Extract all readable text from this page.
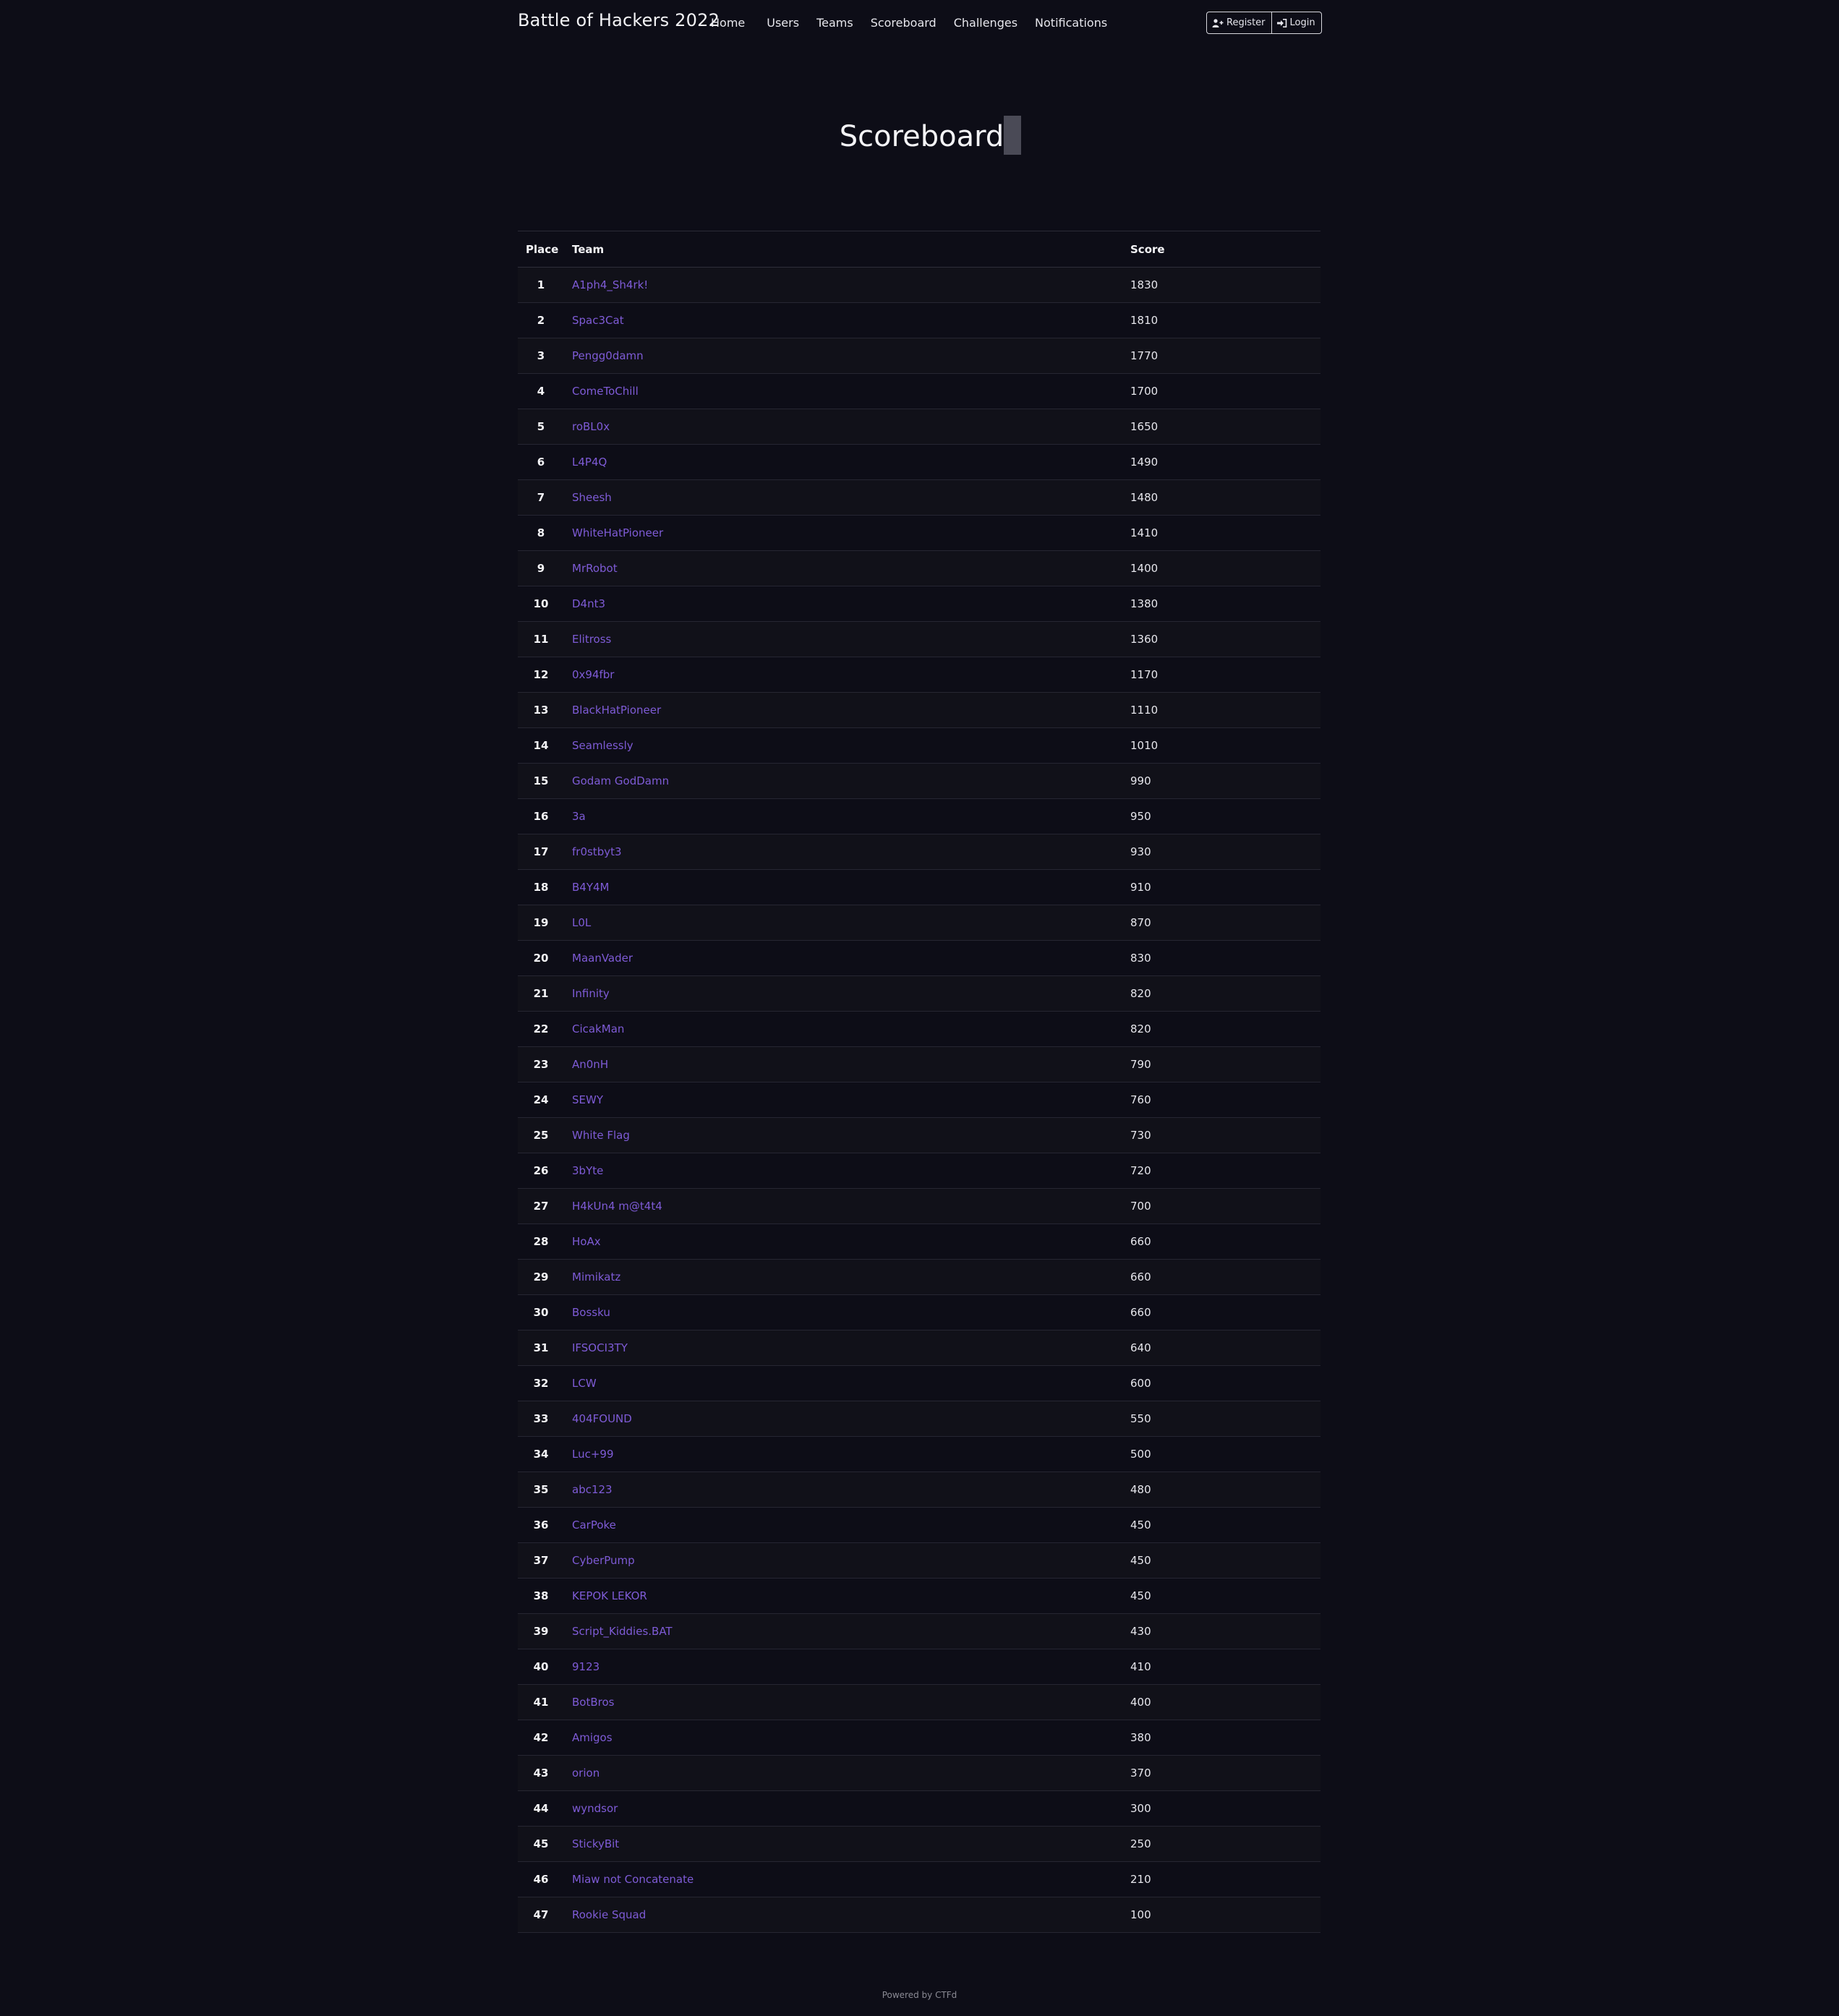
Battle of Hackers 2022
Home Users Teams Scoreboard Challenges Notifications	Register	Login
Scoreboard
Place Team	Score
1	A1ph4_Sh4rk!	1830
2	Spac3Cat	1810
3	Pengg0damn	1770
4	ComeToChill	1700
5	roBL0x	1650
6	L4P4Q	1490
7	Sheesh	1480
8	WhiteHatPioneer	1410
9	MrRobot	1400
10	D4nt3	1380
11	Elitross	1360
12	0x94fbr	1170
13	BlackHatPioneer	1110
14	Seamlessly	1010
15	Godam GodDamn	990
16	3a	950
17	fr0stbyt3	930
18	B4Y4M	910
19	L0L	870
20	MaanVader	830
21	Infinity	820
22	CicakMan	820
23	An0nH	790
24	SEWY	760
25	White Flag	730
26	3bYte	720
27	H4kUn4 m@t4t4	700
28	HoAx	660
29	Mimikatz	660
30	Bossku	660
31	IFSOCI3TY	640
32	LCW	600
33	404FOUND	550
34	Luc+99	500
35	abc123	480
36	CarPoke	450
37	CyberPump	450
38	KEPOK LEKOR	450
39	Script_Kiddies.BAT	430
40	9123	410
41	BotBros	400
42	Amigos	380
43	orion	370
44	wyndsor	300
45	StickyBit	250
46	Miaw not Concatenate	210
47	Rookie Squad	100
Powered by CTFd
